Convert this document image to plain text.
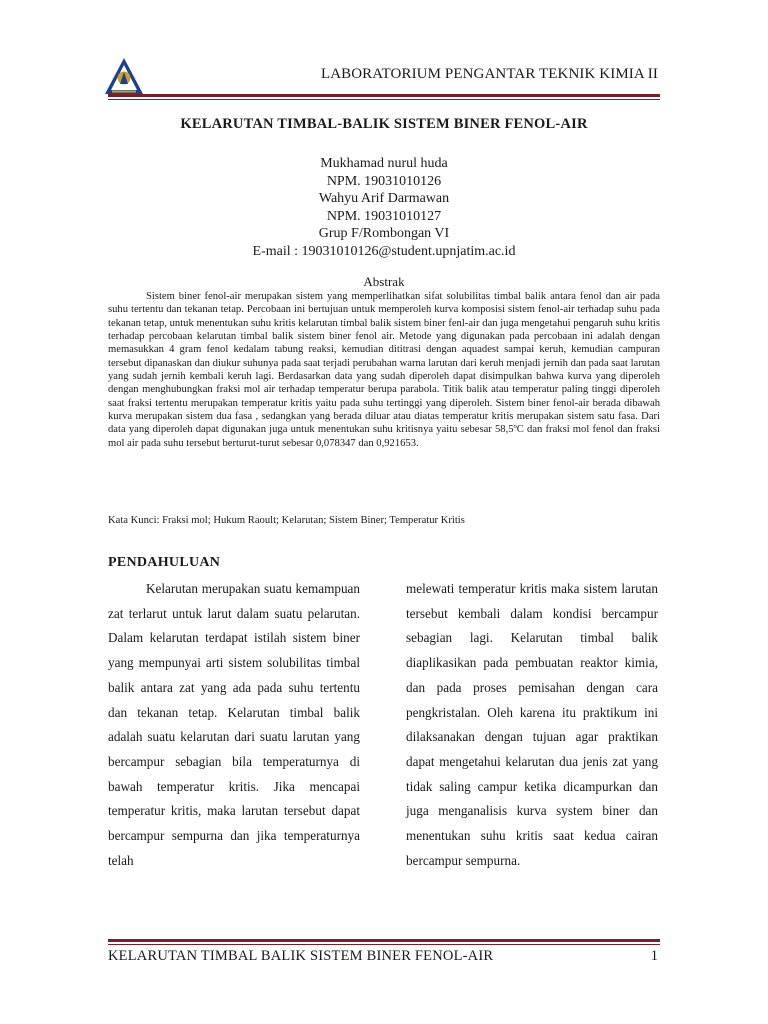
LABORATORIUM PENGANTAR TEKNIK KIMIA II
KELARUTAN TIMBAL-BALIK SISTEM BINER FENOL-AIR
Mukhamad nurul huda
NPM. 19031010126
Wahyu Arif Darmawan
NPM. 19031010127
Grup F/Rombongan VI
E-mail : 19031010126@student.upnjatim.ac.id
Abstrak
Sistem biner fenol-air merupakan sistem yang memperlihatkan sifat solubilitas timbal balik antara fenol dan air pada suhu tertentu dan tekanan tetap. Percobaan ini bertujuan untuk memperoleh kurva komposisi sistem fenol-air terhadap suhu pada tekanan tetap, untuk menentukan suhu kritis kelarutan timbal balik sistem biner fenl-air dan juga mengetahui pengaruh suhu kritis terhadap percobaan kelarutan timbal balik sistem biner fenol air. Metode yang digunakan pada percobaan ini adalah dengan memasukkan 4 gram fenol kedalam tabung reaksi, kemudian dititrasi dengan aquadest sampai keruh, kemudian campuran tersebut dipanaskan dan diukur suhunya pada saat terjadi perubahan warna larutan dari keruh menjadi jernih dan pada saat larutan yang sudah jernih kembali keruh lagi. Berdasarkan data yang sudah diperoleh dapat disimpulkan bahwa kurva yang diperoleh dengan menghubungkan fraksi mol air terhadap temperatur berupa parabola. Titik balik atau temperatur paling tinggi diperoleh saat fraksi tertentu merupakan temperatur kritis yaitu pada suhu tertinggi yang diperoleh. Sistem biner fenol-air berada dibawah kurva merupakan sistem dua fasa , sedangkan yang berada diluar atau diatas temperatur kritis merupakan sistem satu fasa. Dari data yang diperoleh dapat digunakan juga untuk menentukan suhu kritisnya yaitu sebesar 58,5ºC dan fraksi mol fenol dan fraksi mol air pada suhu tersebut berturut-turut sebesar 0,078347 dan 0,921653.
Kata Kunci: Fraksi mol; Hukum Raoult; Kelarutan; Sistem Biner; Temperatur Kritis
PENDAHULUAN
Kelarutan merupakan suatu kemampuan zat terlarut untuk larut dalam suatu pelarutan. Dalam kelarutan terdapat istilah sistem biner yang mempunyai arti sistem solubilitas timbal balik antara zat yang ada pada suhu tertentu dan tekanan tetap. Kelarutan timbal balik adalah suatu kelarutan dari suatu larutan yang bercampur sebagian bila temperaturnya di bawah temperatur kritis. Jika mencapai temperatur kritis, maka larutan tersebut dapat bercampur sempurna dan jika temperaturnya telah
melewati temperatur kritis maka sistem larutan tersebut kembali dalam kondisi bercampur sebagian lagi. Kelarutan timbal balik diaplikasikan pada pembuatan reaktor kimia, dan pada proses pemisahan dengan cara pengkristalan. Oleh karena itu praktikum ini dilaksanakan dengan tujuan agar praktikan dapat mengetahui kelarutan dua jenis zat yang tidak saling campur ketika dicampurkan dan juga menganalisis kurva system biner dan menentukan suhu kritis saat kedua cairan bercampur sempurna.
KELARUTAN TIMBAL BALIK SISTEM BINER FENOL-AIR	1
